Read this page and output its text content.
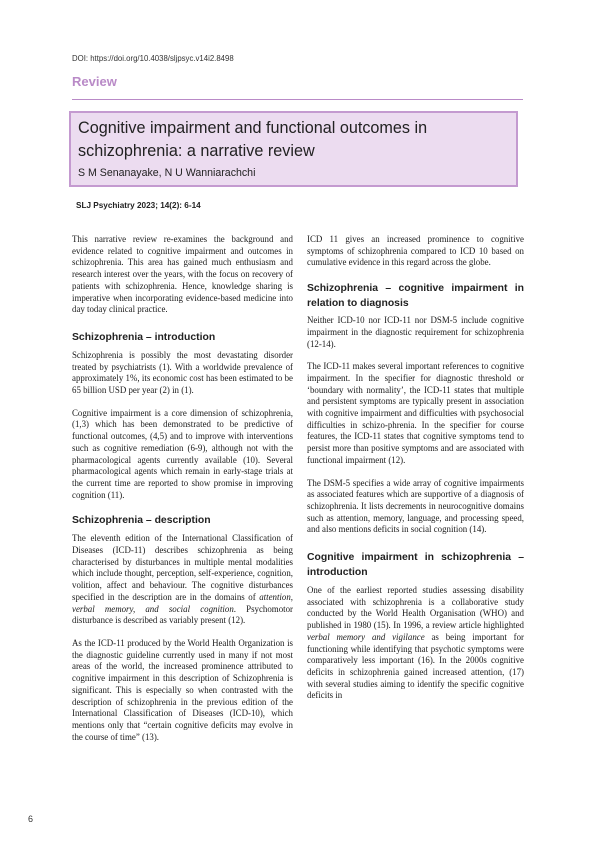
DOI: https://doi.org/10.4038/sljpsyc.v14i2.8498
Review
Cognitive impairment and functional outcomes in schizophrenia: a narrative review
S M Senanayake, N U Wanniarachchi
SLJ Psychiatry 2023; 14(2): 6-14

This narrative review re-examines the background and evidence related to cognitive impairment and outcomes in schizophrenia. This area has gained much enthusiasm and research interest over the years, with the focus on recovery of patients with schizophrenia. Hence, knowledge sharing is imperative when incorporating evidence-based medicine into day today clinical practice.

Schizophrenia – introduction

Schizophrenia is possibly the most devastating disorder treated by psychiatrists (1). With a worldwide prevalence of approximately 1%, its economic cost has been estimated to be 65 billion USD per year (2) in (1).

Cognitive impairment is a core dimension of schizophrenia, (1,3) which has been demonstrated to be predictive of functional outcomes, (4,5) and to improve with interventions such as cognitive remediation (6-9), although not with the pharmacological agents currently available (10). Several pharmacological agents which remain in early-stage trials at the current time are reported to show promise in improving cognition (11).

Schizophrenia – description

The eleventh edition of the International Classification of Diseases (ICD-11) describes schizophrenia as being characterised by disturbances in multiple mental modalities which include thought, perception, self-experience, cognition, volition, affect and behaviour. The cognitive disturbances specified in the description are in the domains of attention, verbal memory, and social cognition. Psychomotor disturbance is described as variably present (12).

As the ICD-11 produced by the World Health Organization is the diagnostic guideline currently used in many if not most areas of the world, the increased prominence attributed to cognitive impairment in this description of Schizophrenia is significant. This is especially so when contrasted with the description of schizophrenia in the previous edition of the International Classification of Diseases (ICD-10), which mentions only that “certain cognitive deficits may evolve in the course of time” (13).

ICD 11 gives an increased prominence to cognitive symptoms of schizophrenia compared to ICD 10 based on cumulative evidence in this regard across the globe.

Schizophrenia – cognitive impairment in relation to diagnosis

Neither ICD-10 nor ICD-11 nor DSM-5 include cognitive impairment in the diagnostic requirement for schizophrenia (12-14).

The ICD-11 makes several important references to cognitive impairment. In the specifier for diagnostic threshold or ‘boundary with normality’, the ICD-11 states that multiple and persistent symptoms are typically present in association with cognitive impairment and difficulties with psychosocial difficulties in schizo-phrenia. In the specifier for course features, the ICD-11 states that cognitive symptoms tend to persist more than positive symptoms and are associated with functional impairment (12).

The DSM-5 specifies a wide array of cognitive impairments as associated features which are supportive of a diagnosis of schizophrenia. It lists decrements in neurocognitive domains such as attention, memory, language, and processing speed, and also mentions deficits in social cognition (14).

Cognitive impairment in schizophrenia – introduction

One of the earliest reported studies assessing disability associated with schizophrenia is a collaborative study conducted by the World Health Organisation (WHO) and published in 1980 (15). In 1996, a review article highlighted verbal memory and vigilance as being important for functioning while identifying that psychotic symptoms were comparatively less important (16). In the 2000s cognitive deficits in schizophrenia gained increased attention, (17) with several studies aiming to identify the specific cognitive deficits in

6
